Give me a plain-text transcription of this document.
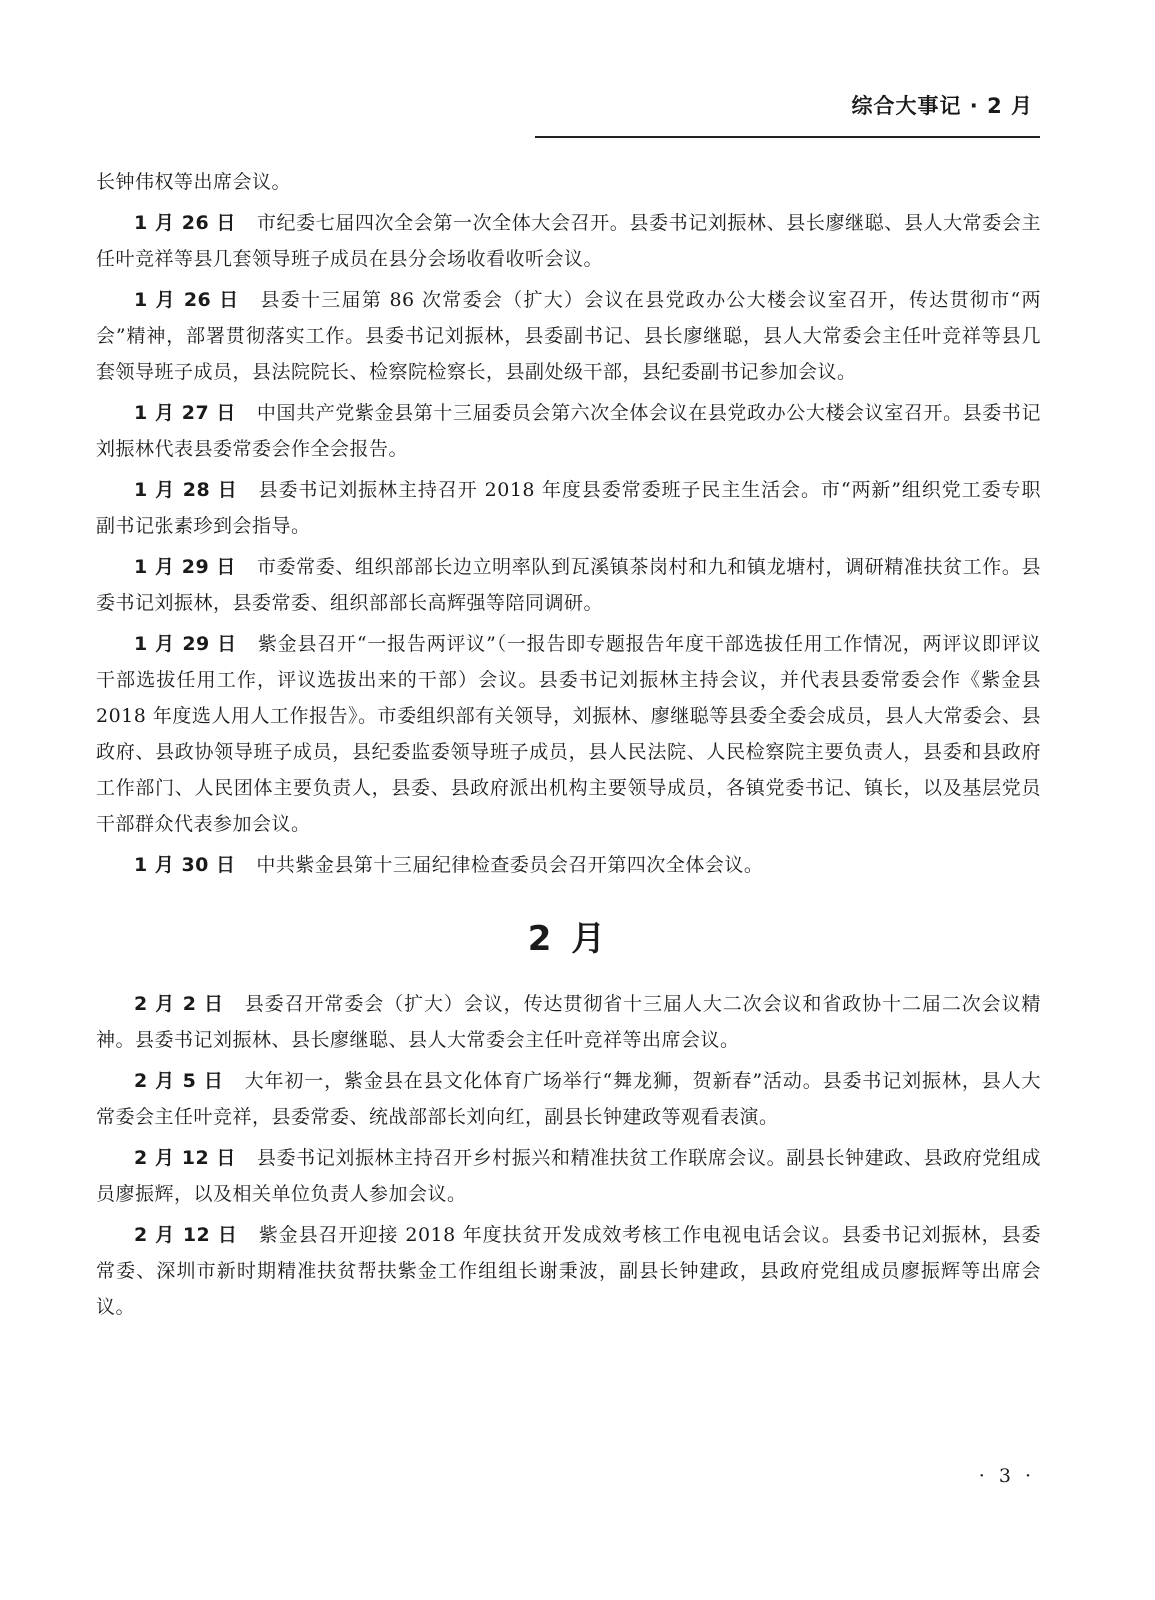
综合大事记 · 2 月

长钟伟权等出席会议。

1 月 26 日 市纪委七届四次全会第一次全体大会召开。县委书记刘振林、县长廖继聪、县人大常委会主任叶竞祥等县几套领导班子成员在县分会场收看收听会议。

1 月 26 日 县委十三届第 86 次常委会（扩大）会议在县党政办公大楼会议室召开，传达贯彻市“两会”精神，部署贯彻落实工作。县委书记刘振林，县委副书记、县长廖继聪，县人大常委会主任叶竞祥等县几套领导班子成员，县法院院长、检察院检察长，县副处级干部，县纪委副书记参加会议。

1 月 27 日 中国共产党紫金县第十三届委员会第六次全体会议在县党政办公大楼会议室召开。县委书记刘振林代表县委常委会作全会报告。

1 月 28 日 县委书记刘振林主持召开 2018 年度县委常委班子民主生活会。市“两新”组织党工委专职副书记张素珍到会指导。

1 月 29 日 市委常委、组织部部长边立明率队到瓦溪镇茶岗村和九和镇龙塘村，调研精准扶贫工作。县委书记刘振林，县委常委、组织部部长高辉强等陪同调研。

1 月 29 日 紫金县召开“一报告两评议”（一报告即专题报告年度干部选拔任用工作情况，两评议即评议干部选拔任用工作，评议选拔出来的干部）会议。县委书记刘振林主持会议，并代表县委常委会作《紫金县 2018 年度选人用人工作报告》。市委组织部有关领导，刘振林、廖继聪等县委全委会成员，县人大常委会、县政府、县政协领导班子成员，县纪委监委领导班子成员，县人民法院、人民检察院主要负责人，县委和县政府工作部门、人民团体主要负责人，县委、县政府派出机构主要领导成员，各镇党委书记、镇长，以及基层党员干部群众代表参加会议。

1 月 30 日 中共紫金县第十三届纪律检查委员会召开第四次全体会议。

2 月

2 月 2 日 县委召开常委会（扩大）会议，传达贯彻省十三届人大二次会议和省政协十二届二次会议精神。县委书记刘振林、县长廖继聪、县人大常委会主任叶竞祥等出席会议。

2 月 5 日 大年初一，紫金县在县文化体育广场举行“舞龙狮，贺新春”活动。县委书记刘振林，县人大常委会主任叶竞祥，县委常委、统战部部长刘向红，副县长钟建政等观看表演。

2 月 12 日 县委书记刘振林主持召开乡村振兴和精准扶贫工作联席会议。副县长钟建政、县政府党组成员廖振辉，以及相关单位负责人参加会议。

2 月 12 日 紫金县召开迎接 2018 年度扶贫开发成效考核工作电视电话会议。县委书记刘振林，县委常委、深圳市新时期精准扶贫帮扶紫金工作组组长谢秉波，副县长钟建政，县政府党组成员廖振辉等出席会议。

· 3 ·
